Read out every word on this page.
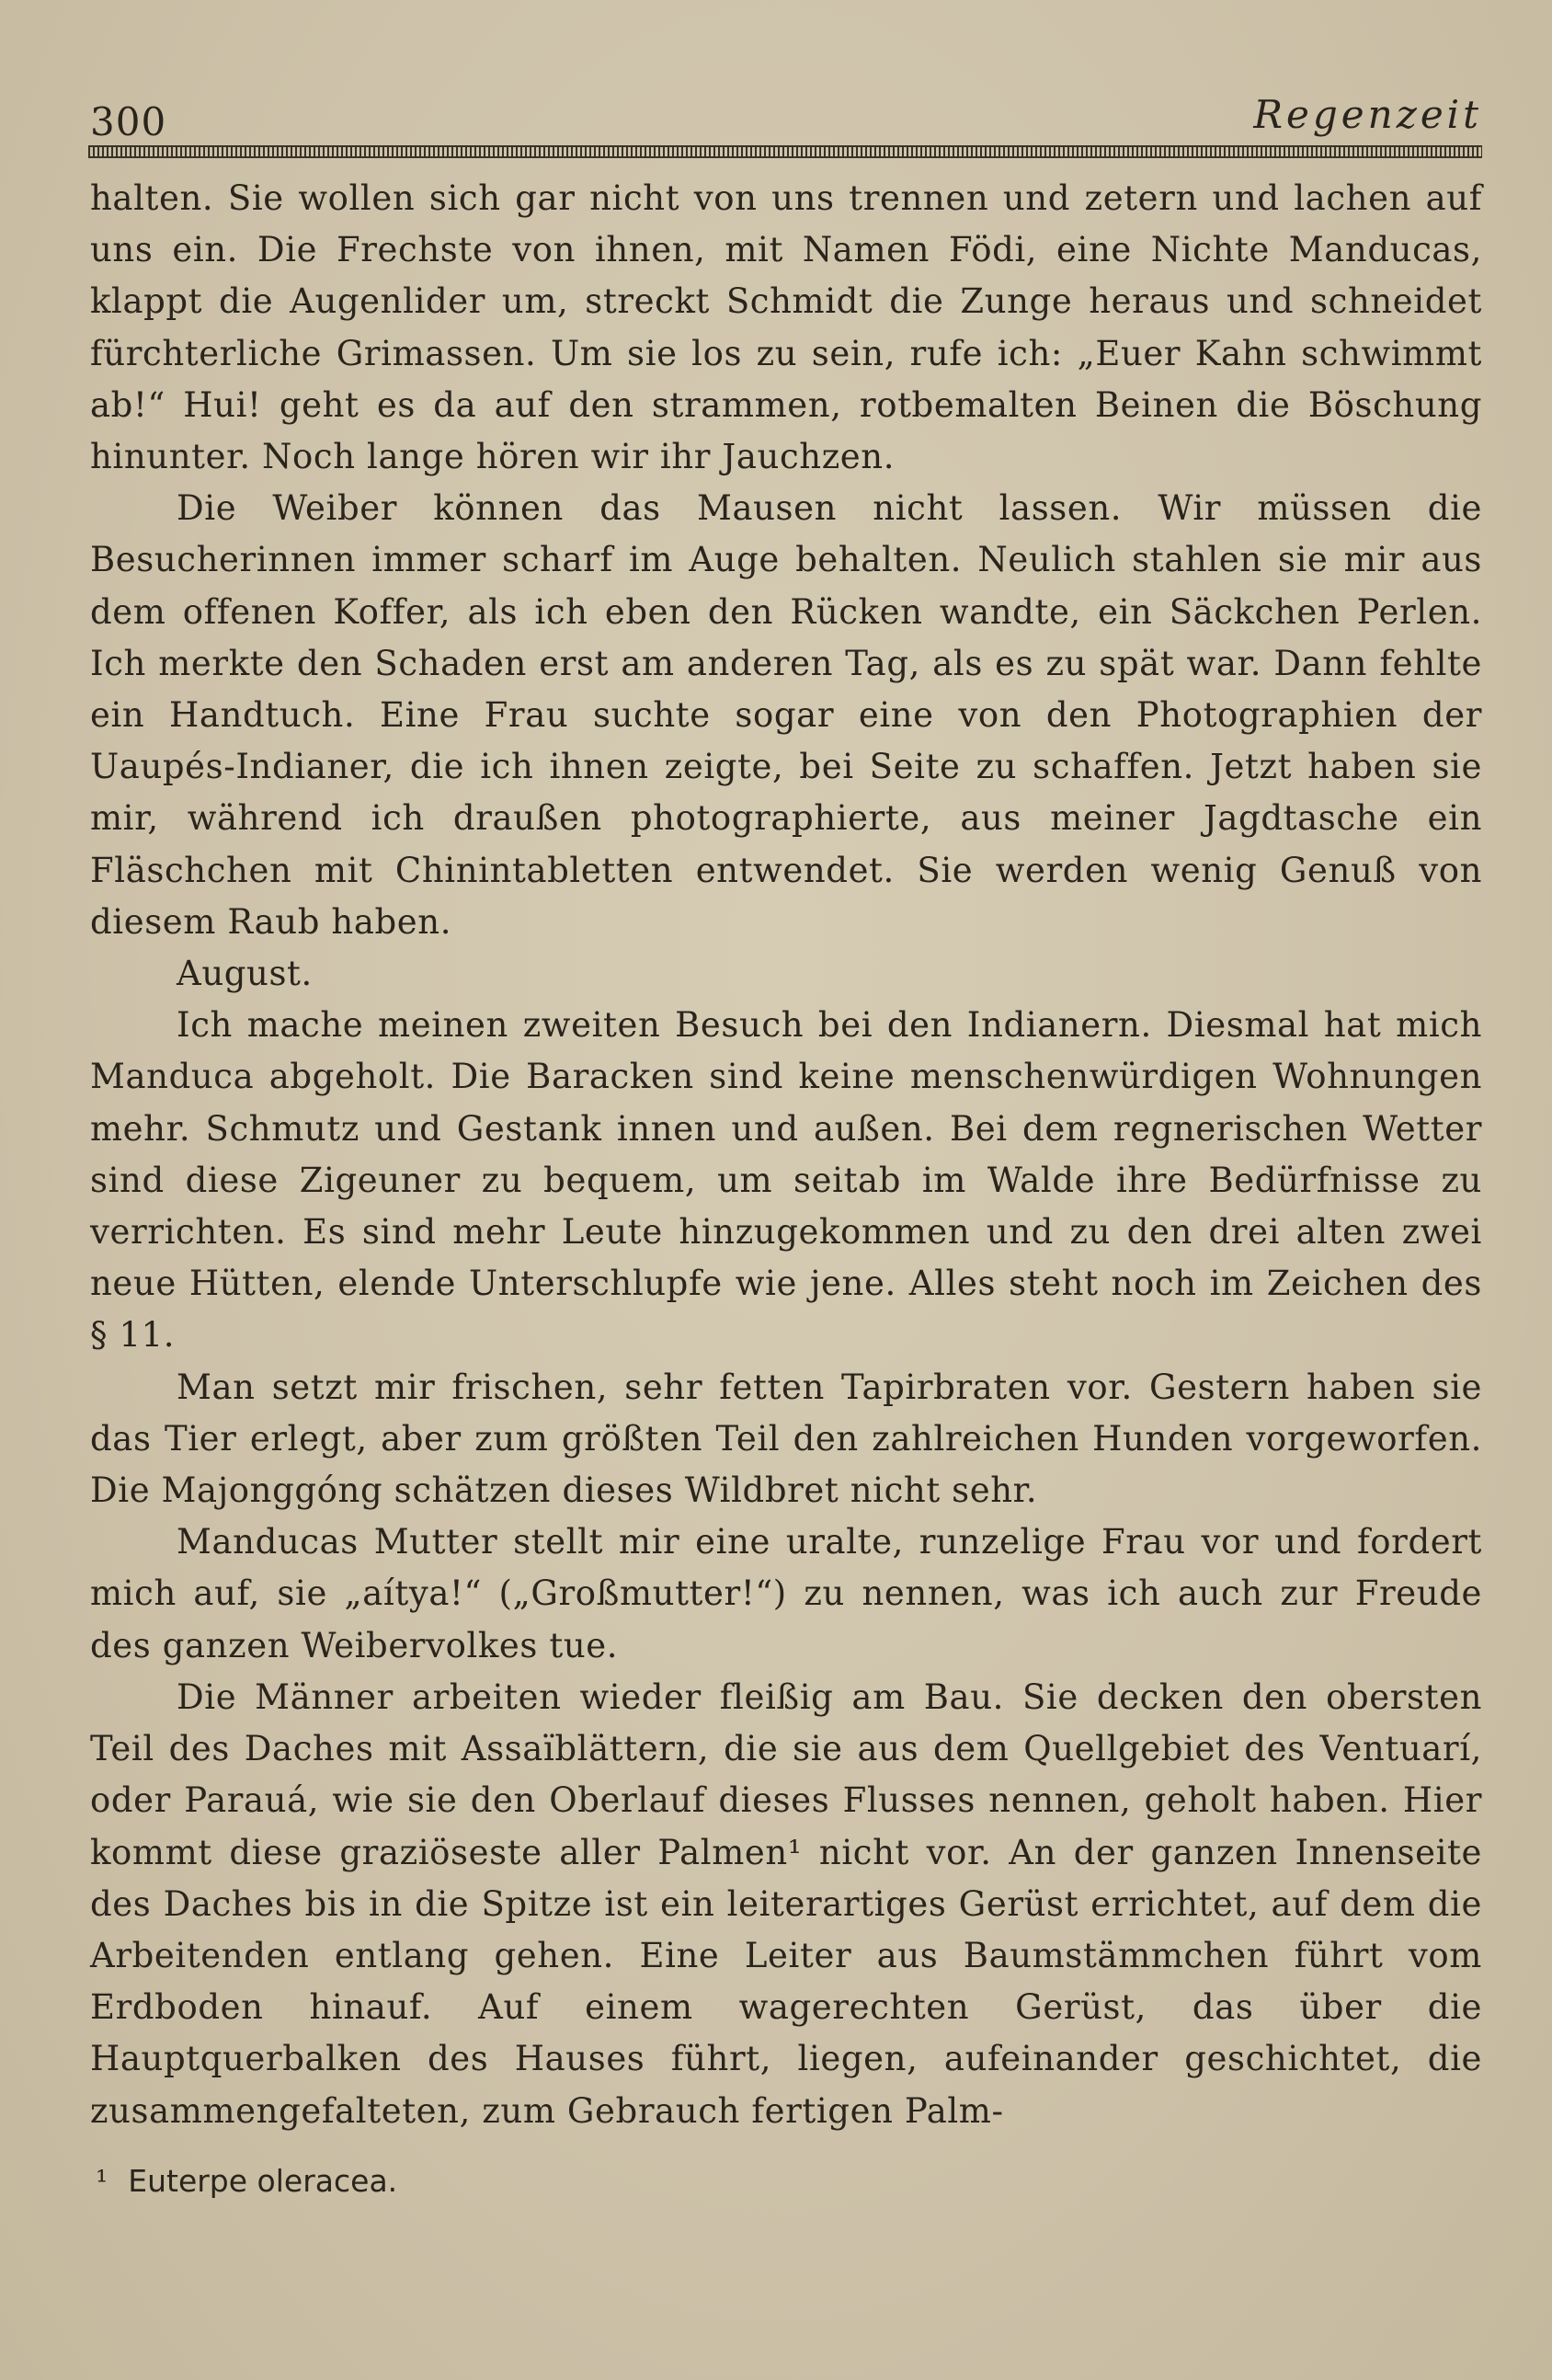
300	Regenzeit

halten. Sie wollen sich gar nicht von uns trennen und zetern und lachen auf uns ein. Die Frechste von ihnen, mit Namen Födi, eine Nichte Manducas, klappt die Augenlider um, streckt Schmidt die Zunge heraus und schneidet fürchterliche Grimassen. Um sie los zu sein, rufe ich: „Euer Kahn schwimmt ab!“ Hui! geht es da auf den strammen, rotbemalten Beinen die Böschung hinunter. Noch lange hören wir ihr Jauchzen.

Die Weiber können das Mausen nicht lassen. Wir müssen die Besucherinnen immer scharf im Auge behalten. Neulich stahlen sie mir aus dem offenen Koffer, als ich eben den Rücken wandte, ein Säckchen Perlen. Ich merkte den Schaden erst am anderen Tag, als es zu spät war. Dann fehlte ein Handtuch. Eine Frau suchte sogar eine von den Photographien der Uaupés-Indianer, die ich ihnen zeigte, bei Seite zu schaffen. Jetzt haben sie mir, während ich draußen photographierte, aus meiner Jagdtasche ein Fläschchen mit Chinintabletten entwendet. Sie werden wenig Genuß von diesem Raub haben.

August.

Ich mache meinen zweiten Besuch bei den Indianern. Diesmal hat mich Manduca abgeholt. Die Baracken sind keine menschenwürdigen Wohnungen mehr. Schmutz und Gestank innen und außen. Bei dem regnerischen Wetter sind diese Zigeuner zu bequem, um seitab im Walde ihre Bedürfnisse zu verrichten. Es sind mehr Leute hinzugekommen und zu den drei alten zwei neue Hütten, elende Unterschlupfe wie jene. Alles steht noch im Zeichen des § 11.

Man setzt mir frischen, sehr fetten Tapirbraten vor. Gestern haben sie das Tier erlegt, aber zum größten Teil den zahlreichen Hunden vorgeworfen. Die Majonggóng schätzen dieses Wildbret nicht sehr.

Manducas Mutter stellt mir eine uralte, runzelige Frau vor und fordert mich auf, sie „aítya!“ („Großmutter!“) zu nennen, was ich auch zur Freude des ganzen Weibervolkes tue.

Die Männer arbeiten wieder fleißig am Bau. Sie decken den obersten Teil des Daches mit Assaïblättern, die sie aus dem Quellgebiet des Ventuarí, oder Parauá, wie sie den Oberlauf dieses Flusses nennen, geholt haben. Hier kommt diese graziöseste aller Palmen¹ nicht vor. An der ganzen Innenseite des Daches bis in die Spitze ist ein leiterartiges Gerüst errichtet, auf dem die Arbeitenden entlang gehen. Eine Leiter aus Baumstämmchen führt vom Erdboden hinauf. Auf einem wagerechten Gerüst, das über die Hauptquerbalken des Hauses führt, liegen, aufeinander geschichtet, die zusammengefalteten, zum Gebrauch fertigen Palm-

¹ Euterpe oleracea.
